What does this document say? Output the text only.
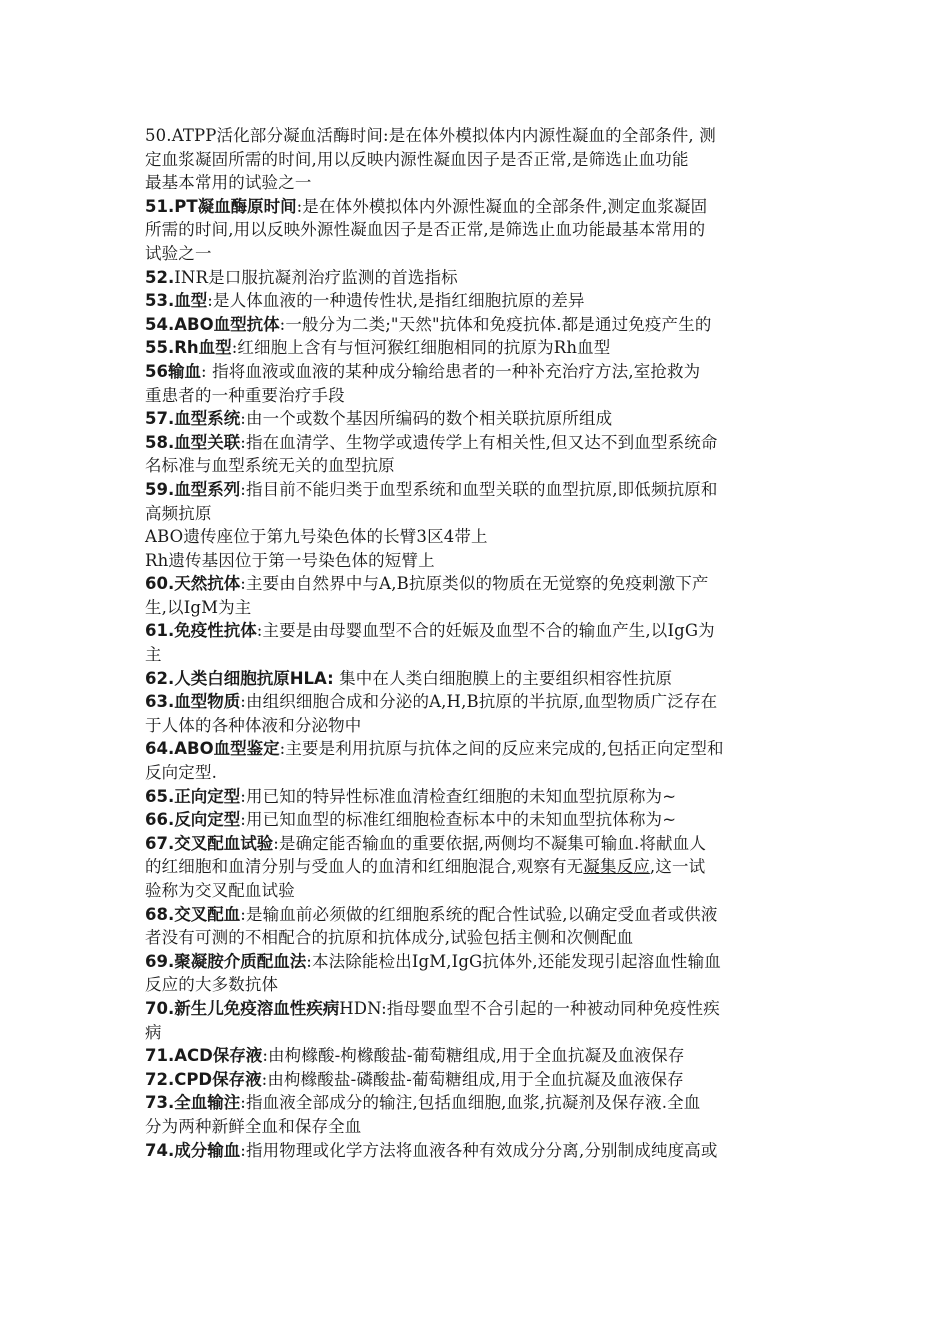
50.ATPP活化部分凝血活酶时间:是在体外模拟体内内源性凝血的全部条件, 测
定血浆凝固所需的时间,用以反映内源性凝血因子是否正常,是筛选止血功能
最基本常用的试验之一
51.PT凝血酶原时间:是在体外模拟体内外源性凝血的全部条件,测定血浆凝固
所需的时间,用以反映外源性凝血因子是否正常,是筛选止血功能最基本常用的
试验之一
52.INR是口服抗凝剂治疗监测的首选指标
53.血型:是人体血液的一种遗传性状,是指红细胞抗原的差异
54.ABO血型抗体:一般分为二类;"天然"抗体和免疫抗体.都是通过免疫产生的
55.Rh血型:红细胞上含有与恒河猴红细胞相同的抗原为Rh血型
56输血: 指将血液或血液的某种成分输给患者的一种补充治疗方法,室抢救为
重患者的一种重要治疗手段
57.血型系统:由一个或数个基因所编码的数个相关联抗原所组成
58.血型关联:指在血清学、生物学或遗传学上有相关性,但又达不到血型系统命
名标准与血型系统无关的血型抗原
59.血型系列:指目前不能归类于血型系统和血型关联的血型抗原,即低频抗原和
高频抗原
ABO遗传座位于第九号染色体的长臂3区4带上
Rh遗传基因位于第一号染色体的短臂上
60.天然抗体:主要由自然界中与A,B抗原类似的物质在无觉察的免疫刺激下产
生,以IgM为主
61.免疫性抗体:主要是由母婴血型不合的妊娠及血型不合的输血产生,以IgG为
主
62.人类白细胞抗原HLA: 集中在人类白细胞膜上的主要组织相容性抗原
63.血型物质:由组织细胞合成和分泌的A,H,B抗原的半抗原,血型物质广泛存在
于人体的各种体液和分泌物中
64.ABO血型鉴定:主要是利用抗原与抗体之间的反应来完成的,包括正向定型和
反向定型.
65.正向定型:用已知的特异性标准血清检查红细胞的未知血型抗原称为~
66.反向定型:用已知血型的标准红细胞检查标本中的未知血型抗体称为~
67.交叉配血试验:是确定能否输血的重要依据,两侧均不凝集可输血.将献血人
的红细胞和血清分别与受血人的血清和红细胞混合,观察有无凝集反应,这一试
验称为交叉配血试验
68.交叉配血:是输血前必须做的红细胞系统的配合性试验,以确定受血者或供液
者没有可测的不相配合的抗原和抗体成分,试验包括主侧和次侧配血
69.聚凝胺介质配血法:本法除能检出IgM,IgG抗体外,还能发现引起溶血性输血
反应的大多数抗体
70.新生儿免疫溶血性疾病HDN:指母婴血型不合引起的一种被动同种免疫性疾
病
71.ACD保存液:由枸橼酸-枸橼酸盐-葡萄糖组成,用于全血抗凝及血液保存
72.CPD保存液:由枸橼酸盐-磷酸盐-葡萄糖组成,用于全血抗凝及血液保存
73.全血输注:指血液全部成分的输注,包括血细胞,血浆,抗凝剂及保存液.全血
分为两种新鲜全血和保存全血
74.成分输血:指用物理或化学方法将血液各种有效成分分离,分别制成纯度高或
